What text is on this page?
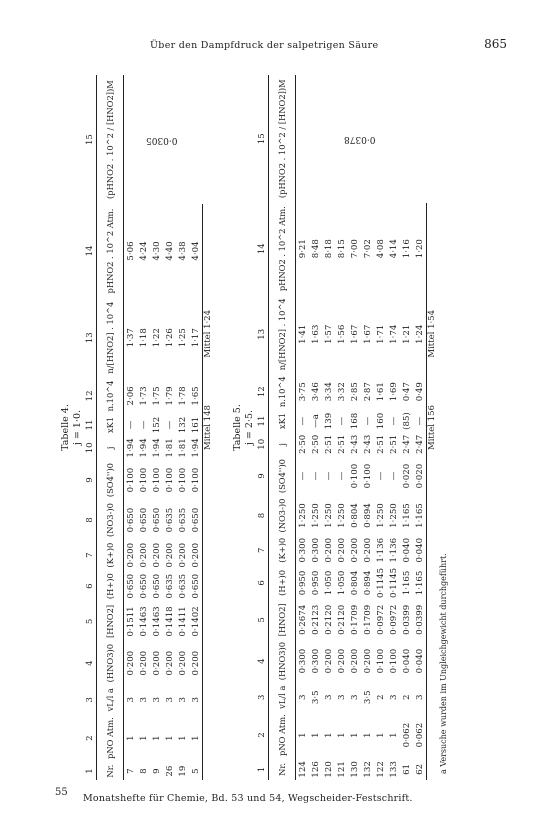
Über den Dampfdruck der salpetrigen Säure	865
Tabelle 4. j = 1·0.
1	2	3	4	5	6	7	8	9	10	11	12	13	14	15
Nr.	pNO Atm.	vL/l a	(HNO3)0	[HNO2]	(H+)0	(K+)0	(NO3-)0	(SO4'')0	j	xK1	n.10^4	n/[HNO2] . 10^4	pHNO2 . 10^2 Atm.	(pHNO2 . 10^2 / [HNO2])M
7	1	3	0·200	0·1511	0·650	0·200	0·650	0·100	1·94	—	2·06	1·37	5·06	0·0305
8	1	3	0·200	0·1463	0·650	0·200	0·650	0·100	1·94	—	1·73	1·18	4·24	
9	1	3	0·200	0·1463	0·650	0·200	0·650	0·100	1·94	152	1·75	1·22	4·30	
26	1	3	0·200	0·1418	0·635	0·200	0·635	0·100	1·81	—	1·79	1·26	4·40	
19	1	3	0·200	0·1411	0·635	0·200	0·635	0·100	1·81	132	1·78	1·25	4·38	
5	1	3	0·200	0·1402	0·650	0·200	0·650	0·100	1·94	161	1·65	1·17	4·04	
Mittel 148
Mittel 1·24
Tabelle 5. j = 2·5.
1	2	3	4	5	6	7	8	9	10	11	12	13	14	15
Nr.	pNO Atm.	vL/l a	(HNO3)0	[HNO2]	(H+)0	(K+)0	(NO3-)0	(SO4'')0	j	xK1	n.10^4	n/[HNO2] . 10^4	pHNO2 . 10^2 Atm.	(pHNO2 . 10^2 / [HNO2])M
124	1	3	0·300	0·2674	0·950	0·300	1·250	—	2·50	—	3·75	1·41	9·21	0·0378
126	1	3·5	0·300	0·2123	0·950	0·300	1·250	—	2·50	—a	3·46	1·63	8·48	
120	1	3	0·200	0·2120	1·050	0·200	1·250	—	2·51	139	3·34	1·57	8·18	
121	1	3	0·200	0·2120	1·050	0·200	1·250	—	2·51	—	3·32	1·56	8·15	
130	1	3	0·200	0·1709	0·804	0·200	0·804	0·100	2·43	168	2·85	1·67	7·00	
132	1	3·5	0·200	0·1709	0·894	0·200	0·894	0·100	2·43	—	2·87	1·67	7·02	
122	1	2	0·100	0·0972	0·1145	1·136	1·250	—	2·51	160	1·61	1·71	4·08	
133	1	3	0·100	0·0972	0·1145	1·136	1·250	—	2·51	—	1·69	1·74	4·14	
61	0·062	2	0·040	0·0399	1·165	0·040	1·165	0·020	2·47	(85)	0·47	1·21	1·16	
62	0·062	3	0·040	0·0399	1·165	0·040	1·165	0·020	2·47	—	0·49	1·24	1·20	
Mittel 156
Mittel 1·54
a Versuche wurden im Ungleichgewicht durchgeführt.
Monatshefte für Chemie, Bd. 53 und 54, Wegscheider-Festschrift.
55
